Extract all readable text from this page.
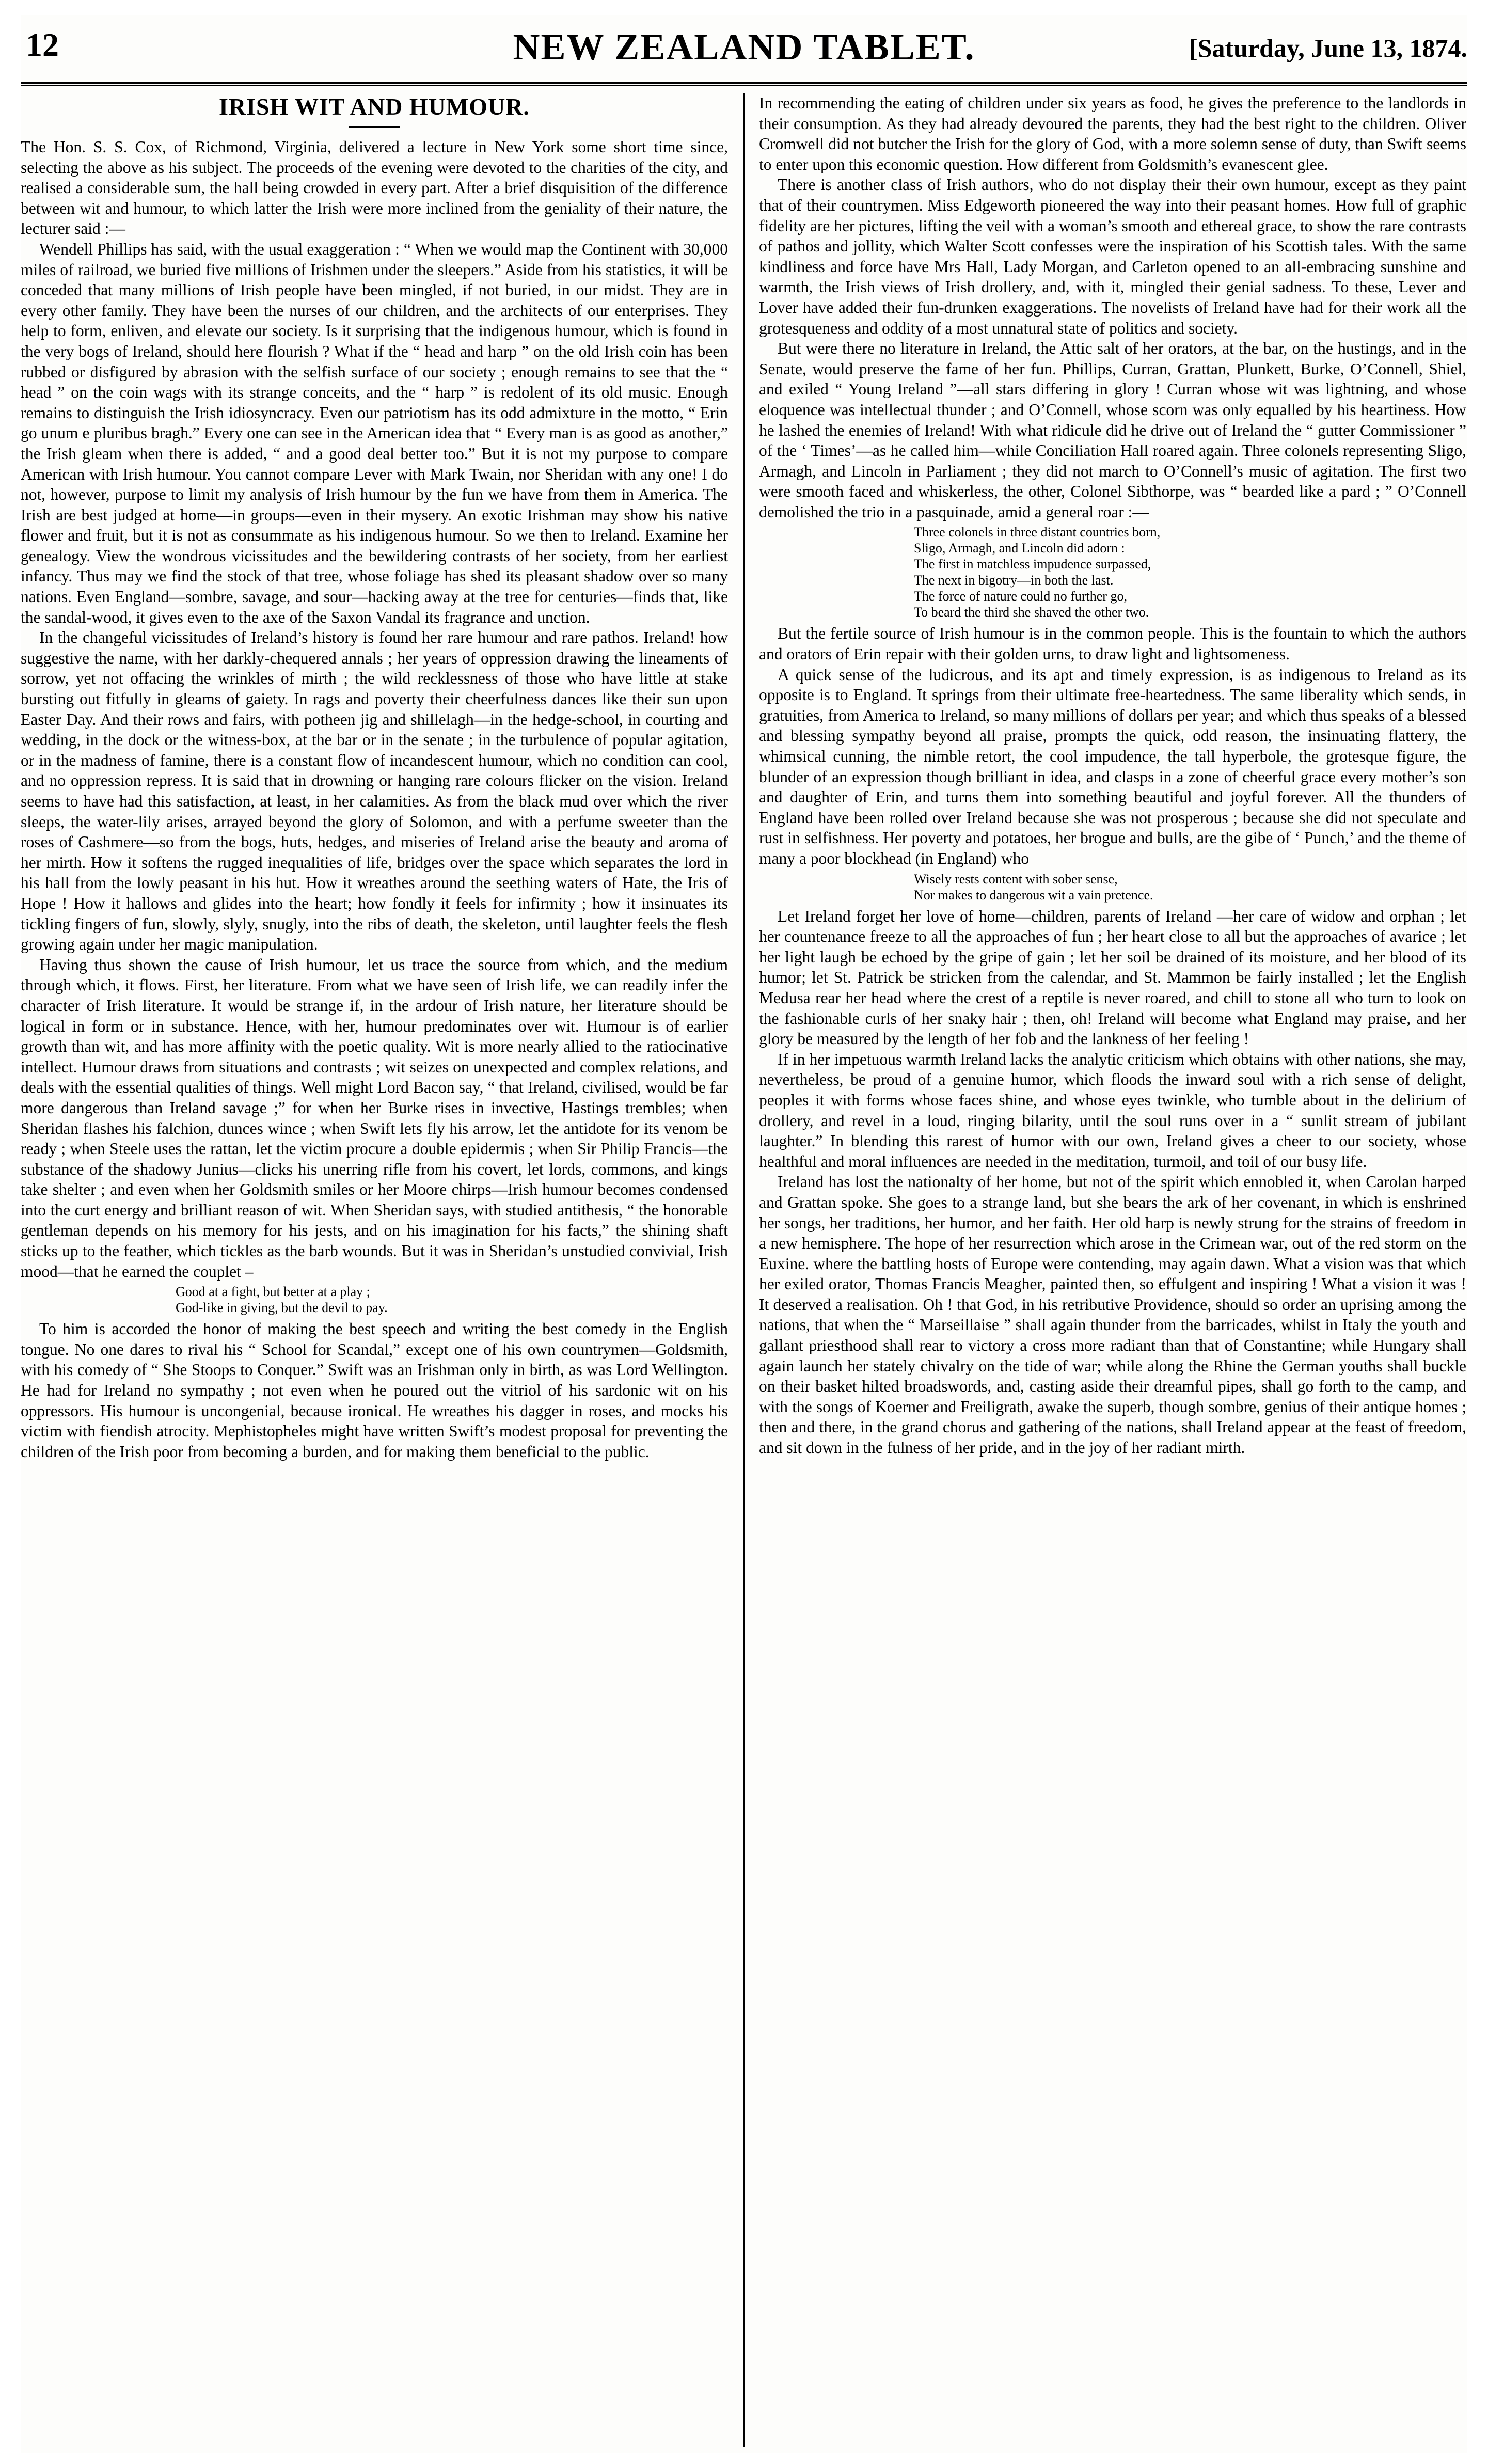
12	NEW ZEALAND TABLET.	[Saturday, June 13, 1874.
IRISH WIT AND HUMOUR.

The Hon. S. S. Cox, of Richmond, Virginia, delivered a lecture in New York some short time since, selecting the above as his subject. The proceeds of the evening were devoted to the charities of the city, and realised a considerable sum, the hall being crowded in every part. After a brief disquisition of the difference between wit and humour, to which latter the Irish were more inclined from the geniality of their nature, the lecturer said :—

Wendell Phillips has said, with the usual exaggeration : “ When we would map the Continent with 30,000 miles of railroad, we buried five millions of Irishmen under the sleepers.” Aside from his statistics, it will be conceded that many millions of Irish people have been mingled, if not buried, in our midst. They are in every other family. They have been the nurses of our children, and the architects of our enterprises. They help to form, enliven, and elevate our society. Is it surprising that the indigenous humour, which is found in the very bogs of Ireland, should here flourish ? What if the “ head and harp ” on the old Irish coin has been rubbed or disfigured by abrasion with the selfish surface of our society ; enough remains to see that the “ head ” on the coin wags with its strange conceits, and the “ harp ” is redolent of its old music. Enough remains to distinguish the Irish idiosyncracy. Even our patriotism has its odd admixture in the motto, “ Erin go unum e pluribus bragh.” Every one can see in the American idea that “ Every man is as good as another,” the Irish gleam when there is added, “ and a good deal better too.” But it is not my purpose to compare American with Irish humour. You cannot compare Lever with Mark Twain, nor Sheridan with any one! I do not, however, purpose to limit my analysis of Irish humour by the fun we have from them in America. The Irish are best judged at home—in groups—even in their mysery. An exotic Irishman may show his native flower and fruit, but it is not as consummate as his indigenous humour. So we then to Ireland. Examine her genealogy. View the wondrous vicissitudes and the bewildering contrasts of her society, from her earliest infancy. Thus may we find the stock of that tree, whose foliage has shed its pleasant shadow over so many nations. Even England—sombre, savage, and sour—hacking away at the tree for centuries—finds that, like the sandal-wood, it gives even to the axe of the Saxon Vandal its fragrance and unction.

In the changeful vicissitudes of Ireland’s history is found her rare humour and rare pathos. Ireland! how suggestive the name, with her darkly-chequered annals ; her years of oppression drawing the lineaments of sorrow, yet not offacing the wrinkles of mirth ; the wild recklessness of those who have little at stake bursting out fitfully in gleams of gaiety. In rags and poverty their cheerfulness dances like their sun upon Easter Day. And their rows and fairs, with potheen jig and shillelagh—in the hedge-school, in courting and wedding, in the dock or the witness-box, at the bar or in the senate ; in the turbulence of popular agitation, or in the madness of famine, there is a constant flow of incandescent humour, which no condition can cool, and no oppression repress. It is said that in drowning or hanging rare colours flicker on the vision. Ireland seems to have had this satisfaction, at least, in her calamities. As from the black mud over which the river sleeps, the water-lily arises, arrayed beyond the glory of Solomon, and with a perfume sweeter than the roses of Cashmere—so from the bogs, huts, hedges, and miseries of Ireland arise the beauty and aroma of her mirth. How it softens the rugged inequalities of life, bridges over the space which separates the lord in his hall from the lowly peasant in his hut. How it wreathes around the seething waters of Hate, the Iris of Hope ! How it hallows and glides into the heart; how fondly it feels for infirmity ; how it insinuates its tickling fingers of fun, slowly, slyly, snugly, into the ribs of death, the skeleton, until laughter feels the flesh growing again under her magic manipulation.

Having thus shown the cause of Irish humour, let us trace the source from which, and the medium through which, it flows. First, her literature. From what we have seen of Irish life, we can readily infer the character of Irish literature. It would be strange if, in the ardour of Irish nature, her literature should be logical in form or in substance. Hence, with her, humour predominates over wit. Humour is of earlier growth than wit, and has more affinity with the poetic quality. Wit is more nearly allied to the ratiocinative intellect. Humour draws from situations and contrasts ; wit seizes on unexpected and complex relations, and deals with the essential qualities of things. Well might Lord Bacon say, “ that Ireland, civilised, would be far more dangerous than Ireland savage ;” for when her Burke rises in invective, Hastings trembles; when Sheridan flashes his falchion, dunces wince ; when Swift lets fly his arrow, let the antidote for its venom be ready ; when Steele uses the rattan, let the victim procure a double epidermis ; when Sir Philip Francis—the substance of the shadowy Junius—clicks his unerring rifle from his covert, let lords, commons, and kings take shelter ; and even when her Goldsmith smiles or her Moore chirps—Irish humour becomes condensed into the curt energy and brilliant reason of wit. When Sheridan says, with studied antithesis, “ the honorable gentleman depends on his memory for his jests, and on his imagination for his facts,” the shining shaft sticks up to the feather, which tickles as the barb wounds. But it was in Sheridan’s unstudied convivial, Irish mood—that he earned the couplet –

Good at a fight, but better at a play ;
God-like in giving, but the devil to pay.

To him is accorded the honor of making the best speech and writing the best comedy in the English tongue. No one dares to rival his “ School for Scandal,” except one of his own countrymen—Goldsmith, with his comedy of “ She Stoops to Conquer.” Swift was an Irishman only in birth, as was Lord Wellington. He had for Ireland no sympathy ; not even when he poured out the vitriol of his sardonic wit on his oppressors. His humour is uncongenial, because ironical. He wreathes his dagger in roses, and mocks his victim with fiendish atrocity. Mephistopheles might have written Swift’s modest proposal for preventing the children of the Irish poor from becoming a burden, and for making them beneficial to the public.

In recommending the eating of children under six years as food, he gives the preference to the landlords in their consumption. As they had already devoured the parents, they had the best right to the children. Oliver Cromwell did not butcher the Irish for the glory of God, with a more solemn sense of duty, than Swift seems to enter upon this economic question. How different from Goldsmith’s evanescent glee.

There is another class of Irish authors, who do not display their their own humour, except as they paint that of their countrymen. Miss Edgeworth pioneered the way into their peasant homes. How full of graphic fidelity are her pictures, lifting the veil with a woman’s smooth and ethereal grace, to show the rare contrasts of pathos and jollity, which Walter Scott confesses were the inspiration of his Scottish tales. With the same kindliness and force have Mrs Hall, Lady Morgan, and Carleton opened to an all-embracing sunshine and warmth, the Irish views of Irish drollery, and, with it, mingled their genial sadness. To these, Lever and Lover have added their fun-drunken exaggerations. The novelists of Ireland have had for their work all the grotesqueness and oddity of a most unnatural state of politics and society.

But were there no literature in Ireland, the Attic salt of her orators, at the bar, on the hustings, and in the Senate, would preserve the fame of her fun. Phillips, Curran, Grattan, Plunkett, Burke, O’Connell, Shiel, and exiled “ Young Ireland ”—all stars differing in glory ! Curran whose wit was lightning, and whose eloquence was intellectual thunder ; and O’Connell, whose scorn was only equalled by his heartiness. How he lashed the enemies of Ireland! With what ridicule did he drive out of Ireland the “ gutter Commissioner ” of the ‘ Times’—as he called him—while Conciliation Hall roared again. Three colonels representing Sligo, Armagh, and Lincoln in Parliament ; they did not march to O’Connell’s music of agitation. The first two were smooth faced and whiskerless, the other, Colonel Sibthorpe, was “ bearded like a pard ; ” O’Connell demolished the trio in a pasquinade, amid a general roar :—

Three colonels in three distant countries born,
Sligo, Armagh, and Lincoln did adorn :
The first in matchless impudence surpassed,
The next in bigotry—in both the last.
The force of nature could no further go,
To beard the third she shaved the other two.

But the fertile source of Irish humour is in the common people. This is the fountain to which the authors and orators of Erin repair with their golden urns, to draw light and lightsomeness.

A quick sense of the ludicrous, and its apt and timely expression, is as indigenous to Ireland as its opposite is to England. It springs from their ultimate free-heartedness. The same liberality which sends, in gratuities, from America to Ireland, so many millions of dollars per year; and which thus speaks of a blessed and blessing sympathy beyond all praise, prompts the quick, odd reason, the insinuating flattery, the whimsical cunning, the nimble retort, the cool impudence, the tall hyperbole, the grotesque figure, the blunder of an expression though brilliant in idea, and clasps in a zone of cheerful grace every mother’s son and daughter of Erin, and turns them into something beautiful and joyful forever. All the thunders of England have been rolled over Ireland because she was not prosperous ; because she did not speculate and rust in selfishness. Her poverty and potatoes, her brogue and bulls, are the gibe of ‘ Punch,’ and the theme of many a poor blockhead (in England) who

Wisely rests content with sober sense,
Nor makes to dangerous wit a vain pretence.

Let Ireland forget her love of home—children, parents of Ireland —her care of widow and orphan ; let her countenance freeze to all the approaches of fun ; her heart close to all but the approaches of avarice ; let her light laugh be echoed by the gripe of gain ; let her soil be drained of its moisture, and her blood of its humor; let St. Patrick be stricken from the calendar, and St. Mammon be fairly installed ; let the English Medusa rear her head where the crest of a reptile is never roared, and chill to stone all who turn to look on the fashionable curls of her snaky hair ; then, oh! Ireland will become what England may praise, and her glory be measured by the length of her fob and the lankness of her feeling !

If in her impetuous warmth Ireland lacks the analytic criticism which obtains with other nations, she may, nevertheless, be proud of a genuine humor, which floods the inward soul with a rich sense of delight, peoples it with forms whose faces shine, and whose eyes twinkle, who tumble about in the delirium of drollery, and revel in a loud, ringing bilarity, until the soul runs over in a “ sunlit stream of jubilant laughter.” In blending this rarest of humor with our own, Ireland gives a cheer to our society, whose healthful and moral influences are needed in the meditation, turmoil, and toil of our busy life.

Ireland has lost the nationalty of her home, but not of the spirit which ennobled it, when Carolan harped and Grattan spoke. She goes to a strange land, but she bears the ark of her covenant, in which is enshrined her songs, her traditions, her humor, and her faith. Her old harp is newly strung for the strains of freedom in a new hemisphere. The hope of her resurrection which arose in the Crimean war, out of the red storm on the Euxine. where the battling hosts of Europe were contending, may again dawn. What a vision was that which her exiled orator, Thomas Francis Meagher, painted then, so effulgent and inspiring ! What a vision it was ! It deserved a realisation. Oh ! that God, in his retributive Providence, should so order an uprising among the nations, that when the “ Marseillaise ” shall again thunder from the barricades, whilst in Italy the youth and gallant priesthood shall rear to victory a cross more radiant than that of Constantine; while Hungary shall again launch her stately chivalry on the tide of war; while along the Rhine the German youths shall buckle on their basket hilted broadswords, and, casting aside their dreamful pipes, shall go forth to the camp, and with the songs of Koerner and Freiligrath, awake the superb, though sombre, genius of their antique homes ; then and there, in the grand chorus and gathering of the nations, shall Ireland appear at the feast of freedom, and sit down in the fulness of her pride, and in the joy of her radiant mirth.
